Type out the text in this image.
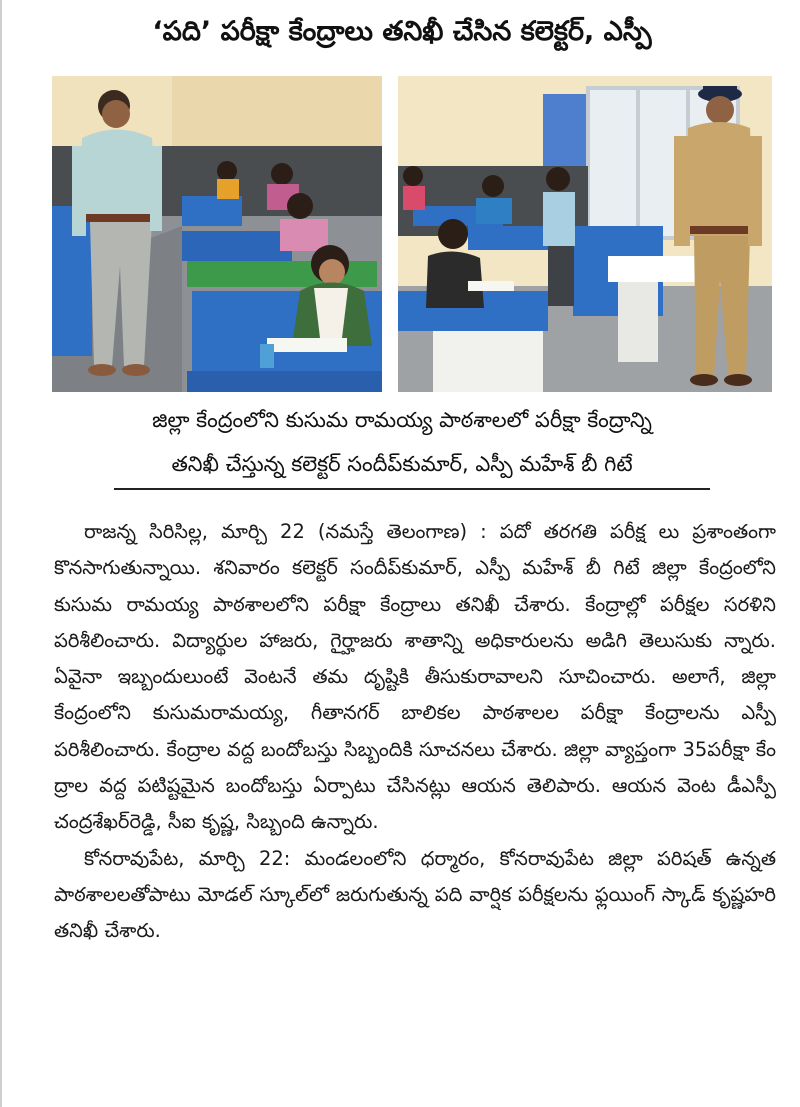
‘పది’ పరీక్షా కేంద్రాలు తనిఖీ చేసిన కలెక్టర్‌, ఎస్పీ
జిల్లా కేంద్రంలోని కుసుమ రామయ్య పాఠశాలలో పరీక్షా కేంద్రాన్ని
తనిఖీ చేస్తున్న కలెక్టర్‌ సందీప్‌కుమార్‌, ఎస్పీ మహేశ్‌ బీ గిటే

రాజన్న సిరిసిల్ల, మార్చి 22 (నమస్తే తెలంగాణ) : పదో తరగతి పరీక్ష లు ప్రశాంతంగా కొనసాగుతున్నాయి. శనివారం కలెక్టర్‌ సందీప్‌కుమార్‌, ఎస్పీ మహేశ్‌ బీ గిటే జిల్లా కేంద్రంలోని కుసుమ రామయ్య పాఠశాలలోని పరీక్షా కేంద్రాలు తనిఖీ చేశారు. కేంద్రాల్లో పరీక్షల సరళిని పరిశీలించారు. విద్యార్థుల హాజరు, గైర్హాజరు శాతాన్ని అధికారులను అడిగి తెలుసుకు న్నారు. ఏవైనా ఇబ్బందులుంటే వెంటనే తమ దృష్టికి తీసుకురావాలని సూచించారు. అలాగే, జిల్లా కేంద్రంలోని కుసుమరామయ్య, గీతానగర్‌ బాలికల పాఠశాలల పరీక్షా కేంద్రాలను ఎస్పీ పరిశీలించారు. కేంద్రాల వద్ద బందోబస్తు సిబ్బందికి సూచనలు చేశారు. జిల్లా వ్యాప్తంగా 35పరీక్షా కేం ద్రాల వద్ద పటిష్టమైన బందోబస్తు ఏర్పాటు చేసినట్లు ఆయన తెలిపారు. ఆయన వెంట డీఎస్పీ చంద్రశేఖర్‌రెడ్డి, సీఐ కృష్ణ, సిబ్బంది ఉన్నారు.

కోనరావుపేట, మార్చి 22: మండలంలోని ధర్మారం, కోనరావుపేట జిల్లా పరిషత్‌ ఉన్నత పాఠశాలలతోపాటు మోడల్‌ స్కూల్‌లో జరుగుతున్న పది వార్షిక పరీక్షలను ఫ్లయింగ్‌ స్కాడ్‌ కృష్ణహరి తనిఖీ చేశారు.
